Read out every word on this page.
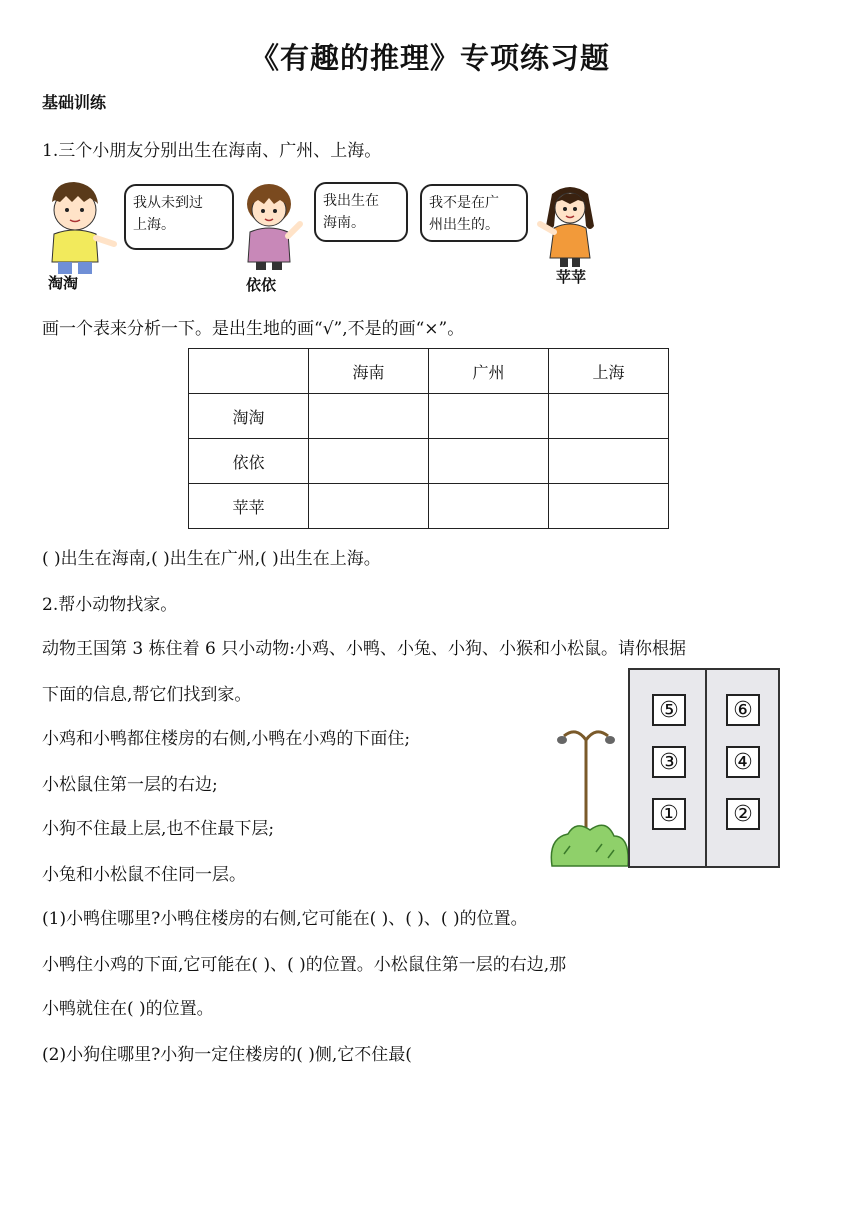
《有趣的推理》专项练习题
基础训练
1.三个小朋友分别出生在海南、广州、上海。
淘淘
我从未到过
上海。
依依
我出生在
海南。
我不是在广
州出生的。
苹苹
画一个表来分析一下。是出生地的画“√”,不是的画“×”。
	海南	广州	上海
淘淘			
依依			
苹苹			
( )出生在海南,( )出生在广州,( )出生在上海。
2.帮小动物找家。
动物王国第 3 栋住着 6 只小动物:小鸡、小鸭、小兔、小狗、小猴和小松鼠。请你根据
下面的信息,帮它们找到家。
小鸡和小鸭都住楼房的右侧,小鸭在小鸡的下面住;
小松鼠住第一层的右边;
小狗不住最上层,也不住最下层;
小兔和小松鼠不住同一层。
⑤ ⑥
③ ④
① ②
(1)小鸭住哪里?小鸭住楼房的右侧,它可能在( )、( )、( )的位置。
小鸭住小鸡的下面,它可能在( )、( )的位置。小松鼠住第一层的右边,那
小鸭就住在( )的位置。
(2)小狗住哪里?小狗一定住楼房的( )侧,它不住最(
